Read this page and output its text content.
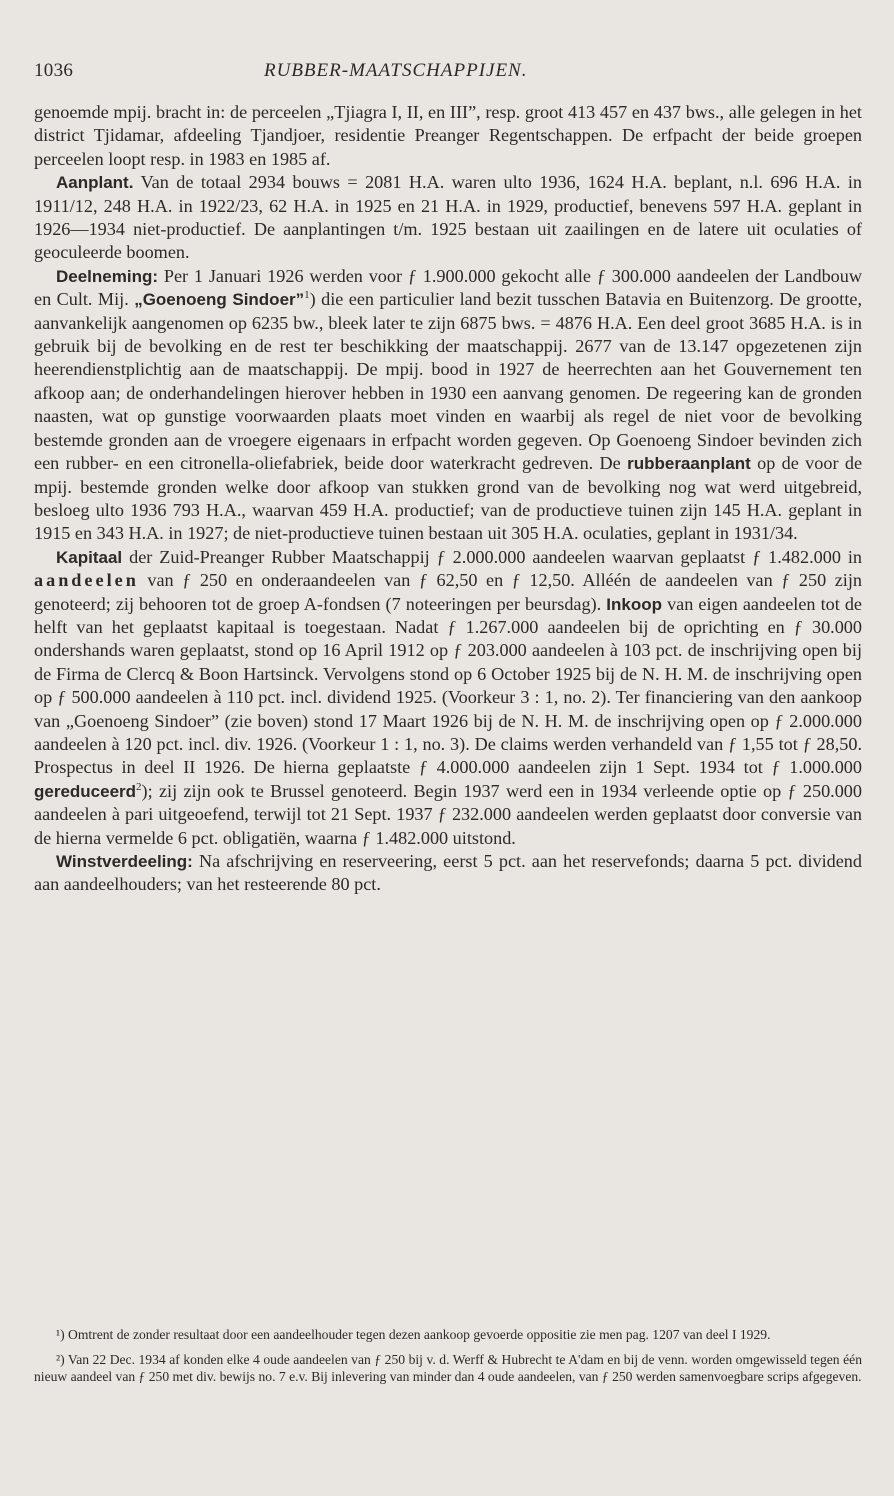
1036	RUBBER-MAATSCHAPPIJEN.

genoemde mpij. bracht in: de perceelen „Tjiagra I, II, en III”, resp. groot 413 457 en 437 bws., alle gelegen in het district Tjidamar, afdeeling Tjandjoer, residentie Preanger Regentschappen. De erfpacht der beide groepen perceelen loopt resp. in 1983 en 1985 af.

Aanplant. Van de totaal 2934 bouws = 2081 H.A. waren ulto 1936, 1624 H.A. beplant, n.l. 696 H.A. in 1911/12, 248 H.A. in 1922/23, 62 H.A. in 1925 en 21 H.A. in 1929, productief, benevens 597 H.A. geplant in 1926—1934 niet-productief. De aanplantingen t/m. 1925 bestaan uit zaailingen en de latere uit oculaties of geoculeerde boomen.

Deelneming: Per 1 Januari 1926 werden voor ƒ 1.900.000 gekocht alle ƒ 300.000 aandeelen der Landbouw en Cult. Mij. „Goenoeng Sindoer”$^1$) die een particulier land bezit tusschen Batavia en Buitenzorg. De grootte, aanvankelijk aangenomen op 6235 bw., bleek later te zijn 6875 bws. = 4876 H.A. Een deel groot 3685 H.A. is in gebruik bij de bevolking en de rest ter beschikking der maatschappij. 2677 van de 13.147 opgezetenen zijn heerendienstplichtig aan de maatschappij. De mpij. bood in 1927 de heerrechten aan het Gouvernement ten afkoop aan; de onderhandelingen hierover hebben in 1930 een aanvang genomen. De regeering kan de gronden naasten, wat op gunstige voorwaarden plaats moet vinden en waarbij als regel de niet voor de bevolking bestemde gronden aan de vroegere eigenaars in erfpacht worden gegeven. Op Goenoeng Sindoer bevinden zich een rubber- en een citronella-oliefabriek, beide door waterkracht gedreven. De rubberaanplant op de voor de mpij. bestemde gronden welke door afkoop van stukken grond van de bevolking nog wat werd uitgebreid, besloeg ulto 1936 793 H.A., waarvan 459 H.A. productief; van de productieve tuinen zijn 145 H.A. geplant in 1915 en 343 H.A. in 1927; de niet-productieve tuinen bestaan uit 305 H.A. oculaties, geplant in 1931/34.

Kapitaal der Zuid-Preanger Rubber Maatschappij ƒ 2.000.000 aandeelen waarvan geplaatst ƒ 1.482.000 in aandeelen van ƒ 250 en onderaandeelen van ƒ 62,50 en ƒ 12,50. Alléén de aandeelen van ƒ 250 zijn genoteerd; zij behooren tot de groep A-fondsen (7 noteeringen per beursdag). Inkoop van eigen aandeelen tot de helft van het geplaatst kapitaal is toegestaan. Nadat ƒ 1.267.000 aandeelen bij de oprichting en ƒ 30.000 ondershands waren geplaatst, stond op 16 April 1912 op ƒ 203.000 aandeelen à 103 pct. de inschrijving open bij de Firma de Clercq & Boon Hartsinck. Vervolgens stond op 6 October 1925 bij de N. H. M. de inschrijving open op ƒ 500.000 aandeelen à 110 pct. incl. dividend 1925. (Voorkeur 3 : 1, no. 2). Ter financiering van den aankoop van „Goenoeng Sindoer” (zie boven) stond 17 Maart 1926 bij de N. H. M. de inschrijving open op ƒ 2.000.000 aandeelen à 120 pct. incl. div. 1926. (Voorkeur 1 : 1, no. 3). De claims werden verhandeld van ƒ 1,55 tot ƒ 28,50. Prospectus in deel II 1926. De hierna geplaatste ƒ 4.000.000 aandeelen zijn 1 Sept. 1934 tot ƒ 1.000.000 gereduceerd$^2$); zij zijn ook te Brussel genoteerd. Begin 1937 werd een in 1934 verleende optie op ƒ 250.000 aandeelen à pari uitgeoefend, terwijl tot 21 Sept. 1937 ƒ 232.000 aandeelen werden geplaatst door conversie van de hierna vermelde 6 pct. obligatiën, waarna ƒ 1.482.000 uitstond.

Winstverdeeling: Na afschrijving en reserveering, eerst 5 pct. aan het reservefonds; daarna 5 pct. dividend aan aandeelhouders; van het resteerende 80 pct.

¹) Omtrent de zonder resultaat door een aandeelhouder tegen dezen aankoop gevoerde oppositie zie men pag. 1207 van deel I 1929.

²) Van 22 Dec. 1934 af konden elke 4 oude aandeelen van ƒ 250 bij v. d. Werff & Hubrecht te A'dam en bij de venn. worden omgewisseld tegen één nieuw aandeel van ƒ 250 met div. bewijs no. 7 e.v. Bij inlevering van minder dan 4 oude aandeelen, van ƒ 250 werden samenvoegbare scrips afgegeven.
